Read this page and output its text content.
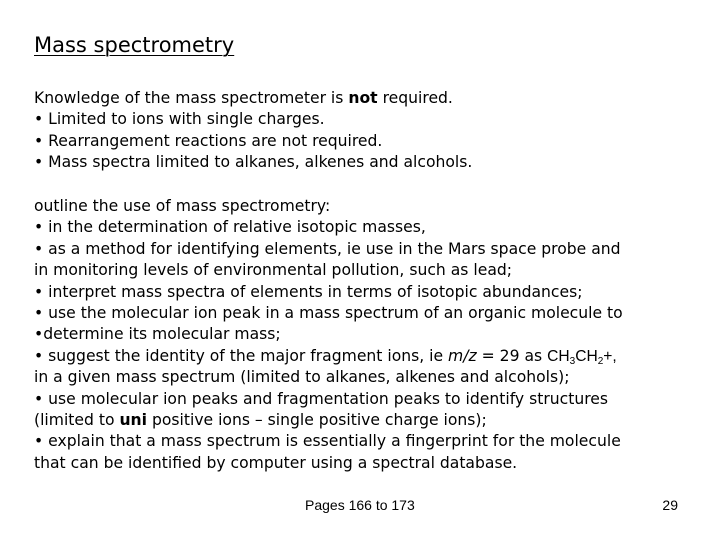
Mass spectrometry
Knowledge of the mass spectrometer is not required.
• Limited to ions with single charges.
• Rearrangement reactions are not required.
• Mass spectra limited to alkanes, alkenes and alcohols.
outline the use of mass spectrometry:
• in the determination of relative isotopic masses,
• as a method for identifying elements, ie use in the Mars space probe and
in monitoring levels of environmental pollution, such as lead;
• interpret mass spectra of elements in terms of isotopic abundances;
• use the molecular ion peak in a mass spectrum of an organic molecule to
•determine its molecular mass;
• suggest the identity of the major fragment ions, ie m/z = 29 as $CH_3CH_2+$,
in a given mass spectrum (limited to alkanes, alkenes and alcohols);
• use molecular ion peaks and fragmentation peaks to identify structures
(limited to uni positive ions – single positive charge ions);
• explain that a mass spectrum is essentially a fingerprint for the molecule
that can be identified by computer using a spectral database.
Pages 166 to 173	29
